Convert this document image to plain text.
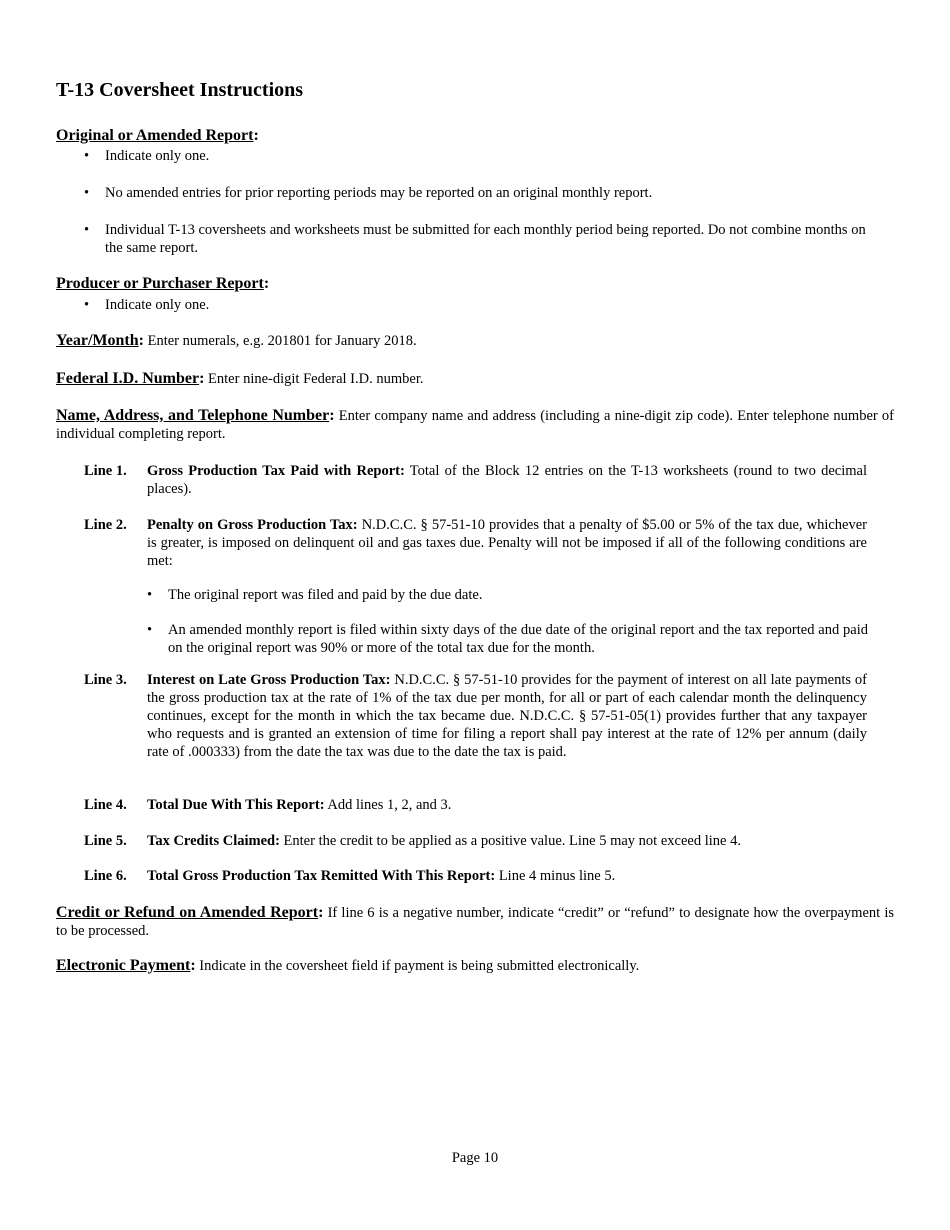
T-13 Coversheet Instructions
Original or Amended Report:
• Indicate only one.
• No amended entries for prior reporting periods may be reported on an original monthly report.
• Individual T-13 coversheets and worksheets must be submitted for each monthly period being reported. Do not combine months on the same report.
Producer or Purchaser Report:
• Indicate only one.
Year/Month: Enter numerals, e.g. 201801 for January 2018.
Federal I.D. Number: Enter nine-digit Federal I.D. number.
Name, Address, and Telephone Number: Enter company name and address (including a nine-digit zip code). Enter telephone number of individual completing report.
Line 1. Gross Production Tax Paid with Report: Total of the Block 12 entries on the T-13 worksheets (round to two decimal places).
Line 2. Penalty on Gross Production Tax: N.D.C.C. § 57-51-10 provides that a penalty of $5.00 or 5% of the tax due, whichever is greater, is imposed on delinquent oil and gas taxes due. Penalty will not be imposed if all of the following conditions are met:
• The original report was filed and paid by the due date.
• An amended monthly report is filed within sixty days of the due date of the original report and the tax reported and paid on the original report was 90% or more of the total tax due for the month.
Line 3. Interest on Late Gross Production Tax: N.D.C.C. § 57-51-10 provides for the payment of interest on all late payments of the gross production tax at the rate of 1% of the tax due per month, for all or part of each calendar month the delinquency continues, except for the month in which the tax became due. N.D.C.C. § 57-51-05(1) provides further that any taxpayer who requests and is granted an extension of time for filing a report shall pay interest at the rate of 12% per annum (daily rate of .000333) from the date the tax was due to the date the tax is paid.
Line 4. Total Due With This Report: Add lines 1, 2, and 3.
Line 5. Tax Credits Claimed: Enter the credit to be applied as a positive value. Line 5 may not exceed line 4.
Line 6. Total Gross Production Tax Remitted With This Report: Line 4 minus line 5.
Credit or Refund on Amended Report: If line 6 is a negative number, indicate “credit” or “refund” to designate how the overpayment is to be processed.
Electronic Payment: Indicate in the coversheet field if payment is being submitted electronically.
Page 10
